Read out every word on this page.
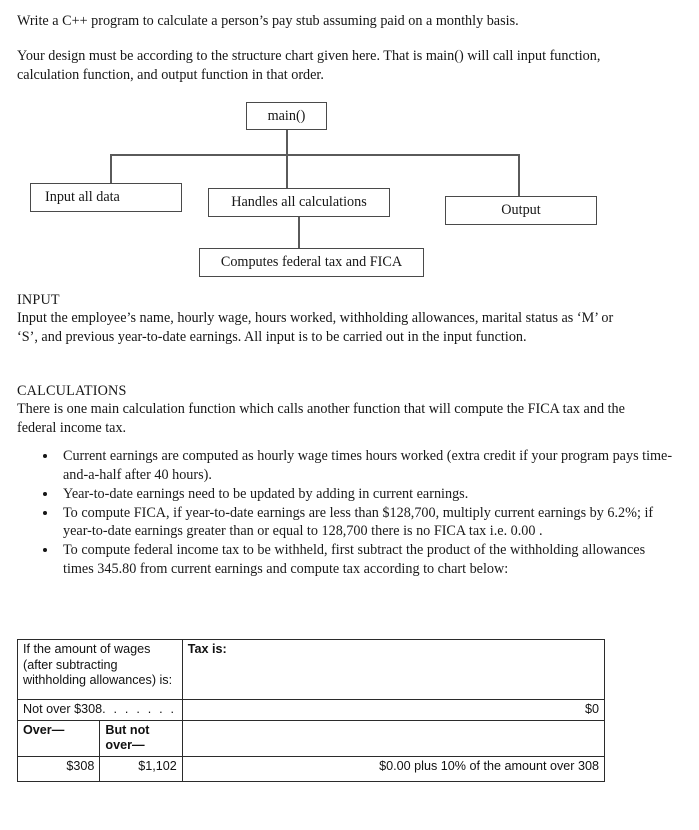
Write a C++ program to calculate a person’s pay stub assuming paid on a monthly basis.
Your design must be according to the structure chart given here. That is main() will call input function, calculation function, and output function in that order.
main()
Input all data	Handles all calculations	Output
Computes federal tax and FICA
INPUT
Input the employee’s name, hourly wage, hours worked, withholding allowances, marital status as ‘M’ or ‘S’, and previous year-to-date earnings. All input is to be carried out in the input function.
CALCULATIONS
There is one main calculation function which calls another function that will compute the FICA tax and the federal income tax.
Current earnings are computed as hourly wage times hours worked (extra credit if your program pays time-and-a-half after 40 hours).
Year-to-date earnings need to be updated by adding in current earnings.
To compute FICA, if year-to-date earnings are less than $128,700, multiply current earnings by 6.2%; if year-to-date earnings greater than or equal to 128,700 there is no FICA tax i.e. 0.00 .
To compute federal income tax to be withheld, first subtract the product of the withholding allowances times 345.80 from current earnings and compute tax according to chart below:
If the amount of wages (after subtracting withholding allowances) is:		Tax is:
Not over $308. . . . . . .		$0
Over—	But not over—	
$308	$1,102	$0.00 plus 10% of the amount over 308
